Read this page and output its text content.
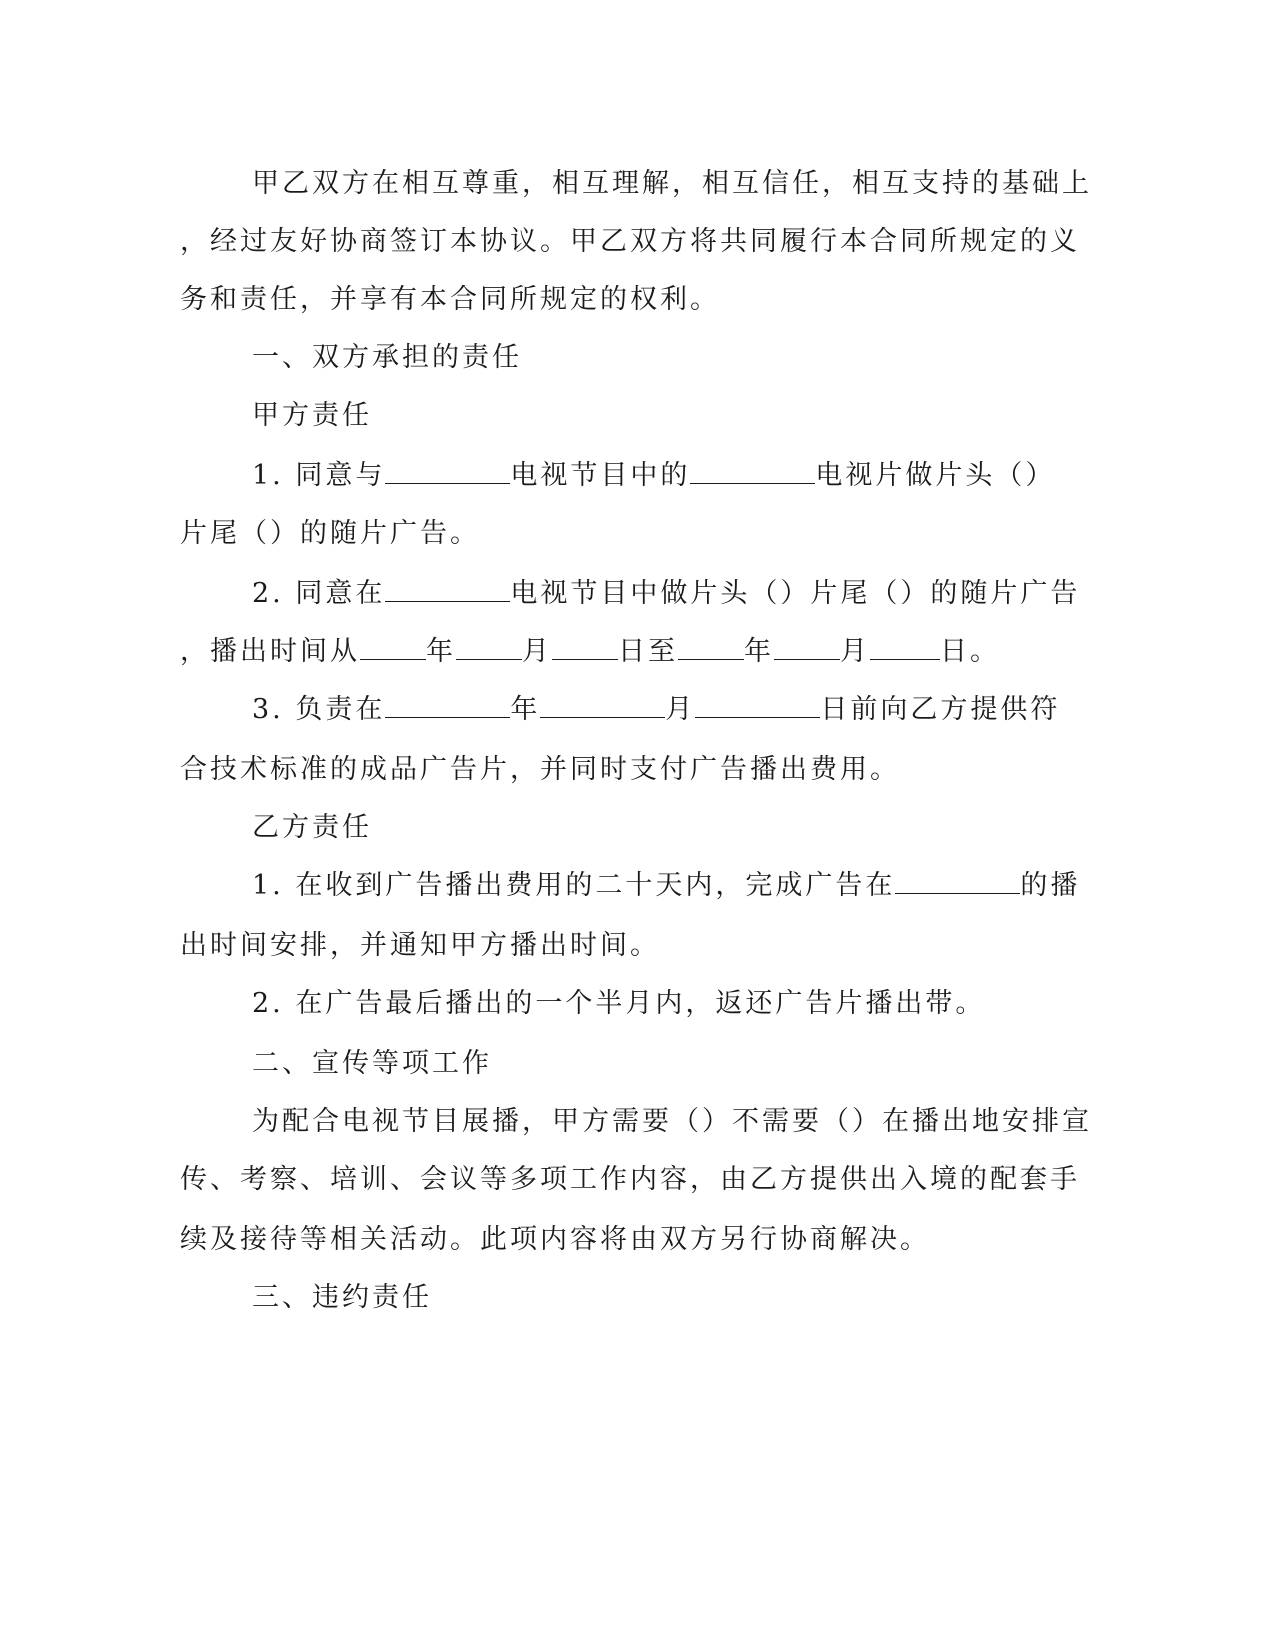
甲乙双方在相互尊重，相互理解，相互信任，相互支持的基础上
，经过友好协商签订本协议。甲乙双方将共同履行本合同所规定的义
务和责任，并享有本合同所规定的权利。
一、双方承担的责任
甲方责任
1. 同意与	电视节目中的	电视片做片头（）
片尾（）的随片广告。
2. 同意在	电视节目中做片头（）片尾（）的随片广告
，播出时间从 年 月 日至 年 月	日。
3. 负责在	年	月	日前向乙方提供符
合技术标准的成品广告片，并同时支付广告播出费用。
乙方责任
1. 在收到广告播出费用的二十天内，完成广告在	的播
出时间安排，并通知甲方播出时间。
2. 在广告最后播出的一个半月内，返还广告片播出带。
二、宣传等项工作
为配合电视节目展播，甲方需要（）不需要（）在播出地安排宣
传、考察、培训、会议等多项工作内容，由乙方提供出入境的配套手
续及接待等相关活动。此项内容将由双方另行协商解决。
三、违约责任
